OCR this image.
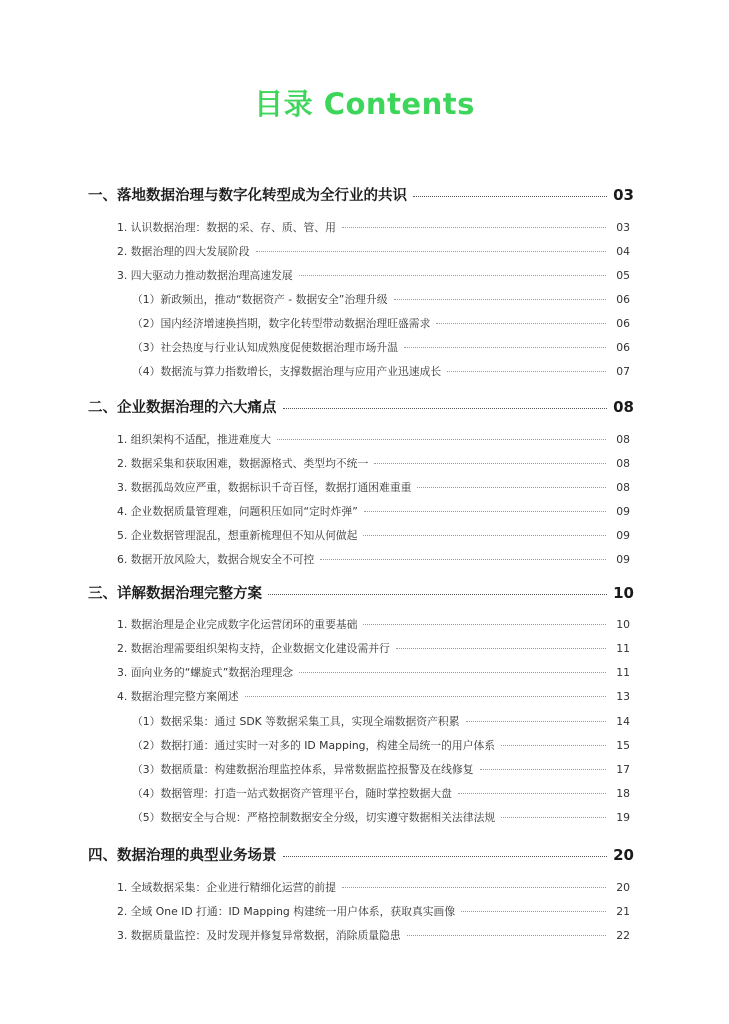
目录 Contents
一、落地数据治理与数字化转型成为全行业的共识	03
1. 认识数据治理：数据的采、存、质、管、用	03
2. 数据治理的四大发展阶段	04
3. 四大驱动力推动数据治理高速发展	05
（1）新政频出，推动“数据资产 - 数据安全”治理升级	06
（2）国内经济增速换挡期，数字化转型带动数据治理旺盛需求	06
（3）社会热度与行业认知成熟度促使数据治理市场升温	06
（4）数据流与算力指数增长，支撑数据治理与应用产业迅速成长	07
二、企业数据治理的六大痛点	08
1. 组织架构不适配，推进难度大	08
2. 数据采集和获取困难，数据源格式、类型均不统一	08
3. 数据孤岛效应严重，数据标识千奇百怪，数据打通困难重重	08
4. 企业数据质量管理难，问题积压如同“定时炸弹”	09
5. 企业数据管理混乱，想重新梳理但不知从何做起	09
6. 数据开放风险大，数据合规安全不可控	09
三、详解数据治理完整方案	10
1. 数据治理是企业完成数字化运营闭环的重要基础	10
2. 数据治理需要组织架构支持，企业数据文化建设需并行	11
3. 面向业务的“螺旋式”数据治理理念	11
4. 数据治理完整方案阐述	13
（1）数据采集：通过 SDK 等数据采集工具，实现全端数据资产积累	14
（2）数据打通：通过实时一对多的 ID Mapping，构建全局统一的用户体系	15
（3）数据质量：构建数据治理监控体系，异常数据监控报警及在线修复	17
（4）数据管理：打造一站式数据资产管理平台，随时掌控数据大盘	18
（5）数据安全与合规：严格控制数据安全分级，切实遵守数据相关法律法规	19
四、数据治理的典型业务场景	20
1. 全域数据采集：企业进行精细化运营的前提	20
2. 全域 One ID 打通：ID Mapping 构建统一用户体系，获取真实画像	21
3. 数据质量监控：及时发现并修复异常数据，消除质量隐患	22
